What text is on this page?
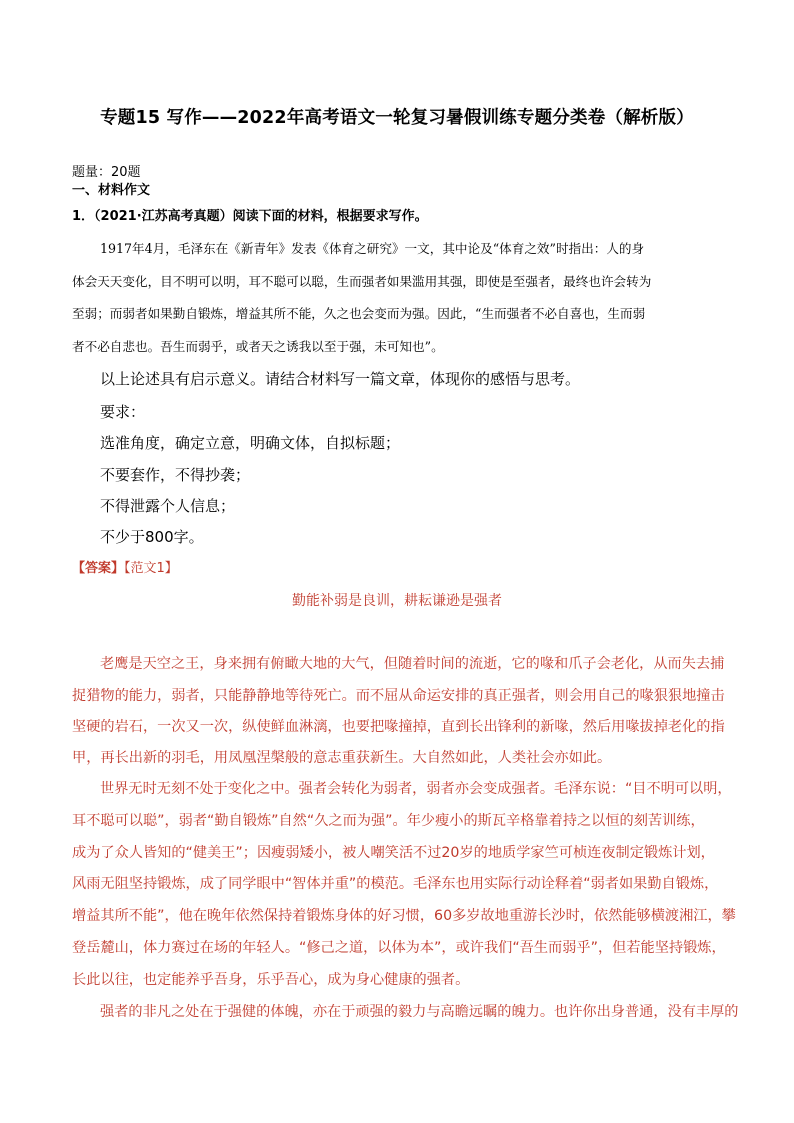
专题15 写作——2022年高考语文一轮复习暑假训练专题分类卷（解析版）
题量：20题
一、材料作文
1．（2021·江苏高考真题）阅读下面的材料，根据要求写作。
1917年4月，毛泽东在《新青年》发表《体育之研究》一文，其中论及“体育之效”时指出：人的身
体会天天变化，目不明可以明，耳不聪可以聪，生而强者如果滥用其强，即使是至强者，最终也许会转为
至弱；而弱者如果勤自锻炼，增益其所不能，久之也会变而为强。因此，“生而强者不必自喜也，生而弱
者不必自悲也。吾生而弱乎，或者天之诱我以至于强，未可知也”。
以上论述具有启示意义。请结合材料写一篇文章，体现你的感悟与思考。
要求：
选准角度，确定立意，明确文体，自拟标题；
不要套作，不得抄袭；
不得泄露个人信息；
不少于800字。
【答案】【范文1】
勤能补弱是良训，耕耘谦逊是强者
老鹰是天空之王，身来拥有俯瞰大地的大气，但随着时间的流逝，它的喙和爪子会老化，从而失去捕
捉猎物的能力，弱者，只能静静地等待死亡。而不屈从命运安排的真正强者，则会用自己的喙狠狠地撞击
坚硬的岩石，一次又一次，纵使鲜血淋漓，也要把喙撞掉，直到长出锋利的新喙，然后用喙拔掉老化的指
甲，再长出新的羽毛，用凤凰涅槃般的意志重获新生。大自然如此，人类社会亦如此。
世界无时无刻不处于变化之中。强者会转化为弱者，弱者亦会变成强者。毛泽东说：“目不明可以明，
耳不聪可以聪”，弱者“勤自锻炼”自然“久之而为强”。年少瘦小的斯瓦辛格靠着持之以恒的刻苦训练，
成为了众人皆知的“健美王”；因瘦弱矮小，被人嘲笑活不过20岁的地质学家竺可桢连夜制定锻炼计划，
风雨无阻坚持锻炼，成了同学眼中“智体并重”的模范。毛泽东也用实际行动诠释着“弱者如果勤自锻炼，
增益其所不能”，他在晚年依然保持着锻炼身体的好习惯，60多岁故地重游长沙时，依然能够横渡湘江，攀
登岳麓山，体力赛过在场的年轻人。“修己之道，以体为本”，或许我们“吾生而弱乎”，但若能坚持锻炼，
长此以往，也定能养乎吾身，乐乎吾心，成为身心健康的强者。
强者的非凡之处在于强健的体魄，亦在于顽强的毅力与高瞻远瞩的魄力。也许你出身普通，没有丰厚的
